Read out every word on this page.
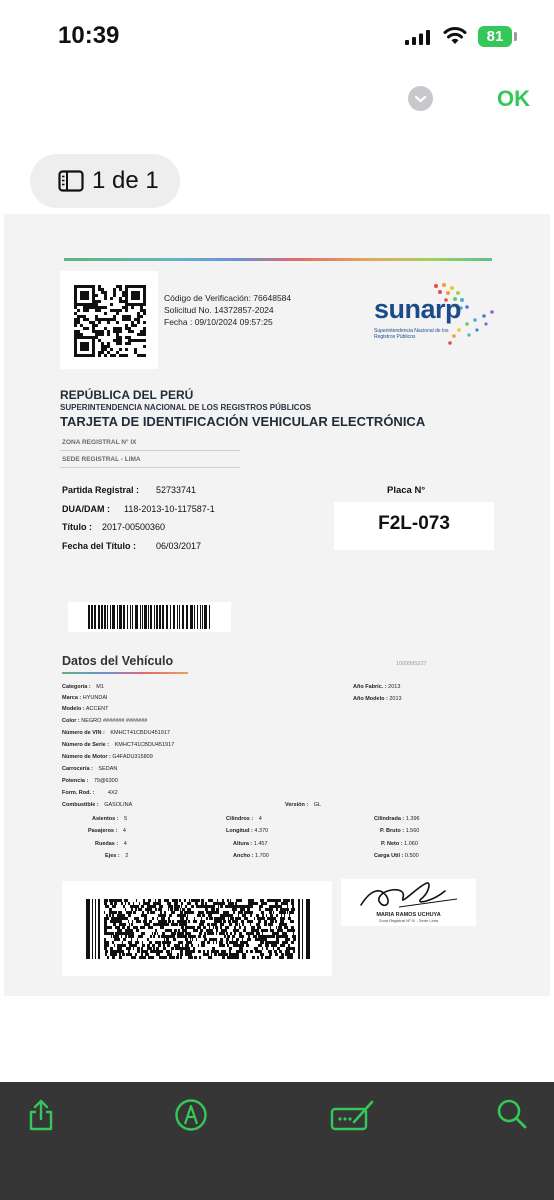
10:39	81
OK
1 de 1
Código de Verificación: 76648584
Solicitud No. 14372857-2024
Fecha : 09/10/2024 09:57:25	sunarp
Superintendencia Nacional de los Registros Públicos
REPÚBLICA DEL PERÚ
SUPERINTENDENCIA NACIONAL DE LOS REGISTROS PÚBLICOS
TARJETA DE IDENTIFICACIÓN VEHICULAR ELECTRÓNICA
ZONA REGISTRAL N° IX
SEDE REGISTRAL - LIMA
Partida Registral : 52733741
DUA/DAM : 118-2013-10-117587-1
Título : 2017-00500360
Fecha del Título : 06/03/2017
Placa N°
F2L-073
Datos del Vehículo	1009995227
Categoría : M1
Marca : HYUNDAI
Modelo : ACCENT
Color : NEGRO ####### #######
Número de VIN : KMHCT41CBDU451917
Número de Serie : KMHCT41CBDU451917
Número de Motor : G4FADU315809
Carrocería : SEDAN
Potencia : 79@6300
Form. Rod. : 4X2
Combustible : GASOLINA	Versión : GL
Año Fabric. : 2013
Año Modelo : 2013
Asientos : 5
Pasajeros : 4
Ruedas : 4
Ejes : 2
Cilindros : 4
Longitud : 4.370
Altura : 1.457
Ancho : 1.700
Cilindrada : 1.396
P. Bruto : 1.560
P. Neto : 1.060
Carga Util : 0.500
MARIA RAMOS UCHUYA
Zona Registral Nº IX - Sede Lima
